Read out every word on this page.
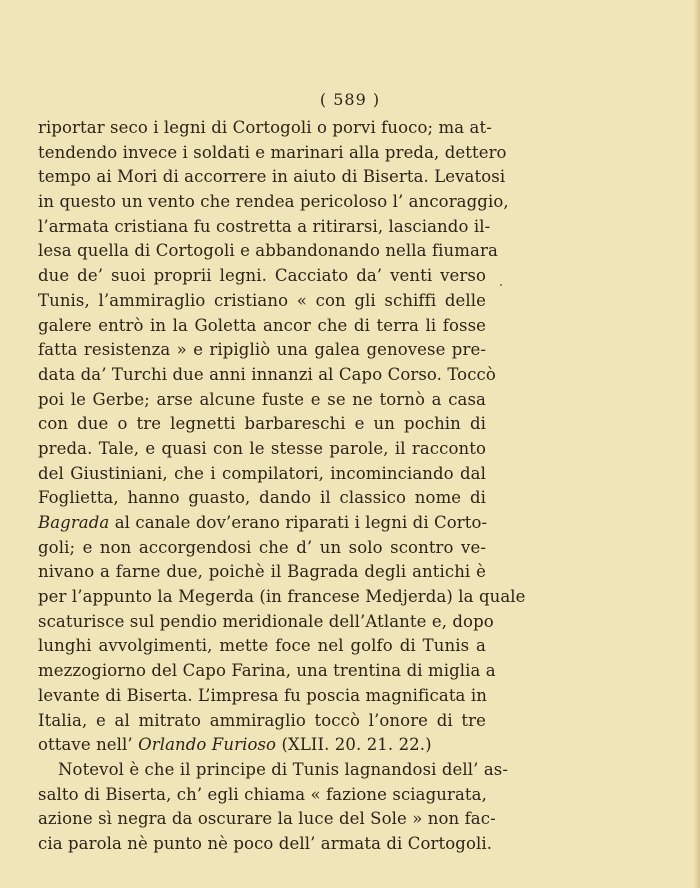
( 589 )
riportar seco i legni di Cortogoli o porvi fuoco; ma at-
tendendo invece i soldati e marinari alla preda, dettero
tempo ai Mori di accorrere in aiuto di Biserta. Levatosi
in questo un vento che rendea pericoloso l’ ancoraggio,
l’armata cristiana fu costretta a ritirarsi, lasciando il-
lesa quella di Cortogoli e abbandonando nella fiumara
due de’ suoi proprii legni. Cacciato da’ venti verso
Tunis, l’ammiraglio cristiano « con gli schiffi delle
galere entrò in la Goletta ancor che di terra li fosse
fatta resistenza » e ripigliò una galea genovese pre-
data da’ Turchi due anni innanzi al Capo Corso. Toccò
poi le Gerbe; arse alcune fuste e se ne tornò a casa
con due o tre legnetti barbareschi e un pochin di
preda. Tale, e quasi con le stesse parole, il racconto
del Giustiniani, che i compilatori, incominciando dal
Foglietta, hanno guasto, dando il classico nome di
Bagrada al canale dov’erano riparati i legni di Corto-
goli; e non accorgendosi che d’ un solo scontro ve-
nivano a farne due, poichè il Bagrada degli antichi è
per l’appunto la Megerda (in francese Medjerda) la quale
scaturisce sul pendio meridionale dell’Atlante e, dopo
lunghi avvolgimenti, mette foce nel golfo di Tunis a
mezzogiorno del Capo Farina, una trentina di miglia a
levante di Biserta. L’impresa fu poscia magnificata in
Italia, e al mitrato ammiraglio toccò l’onore di tre
ottave nell’ Orlando Furioso (XLII. 20. 21. 22.)
Notevol è che il principe di Tunis lagnandosi dell’ as-
salto di Biserta, ch’ egli chiama « fazione sciagurata,
azione sì negra da oscurare la luce del Sole » non fac-
cia parola nè punto nè poco dell’ armata di Cortogoli.
